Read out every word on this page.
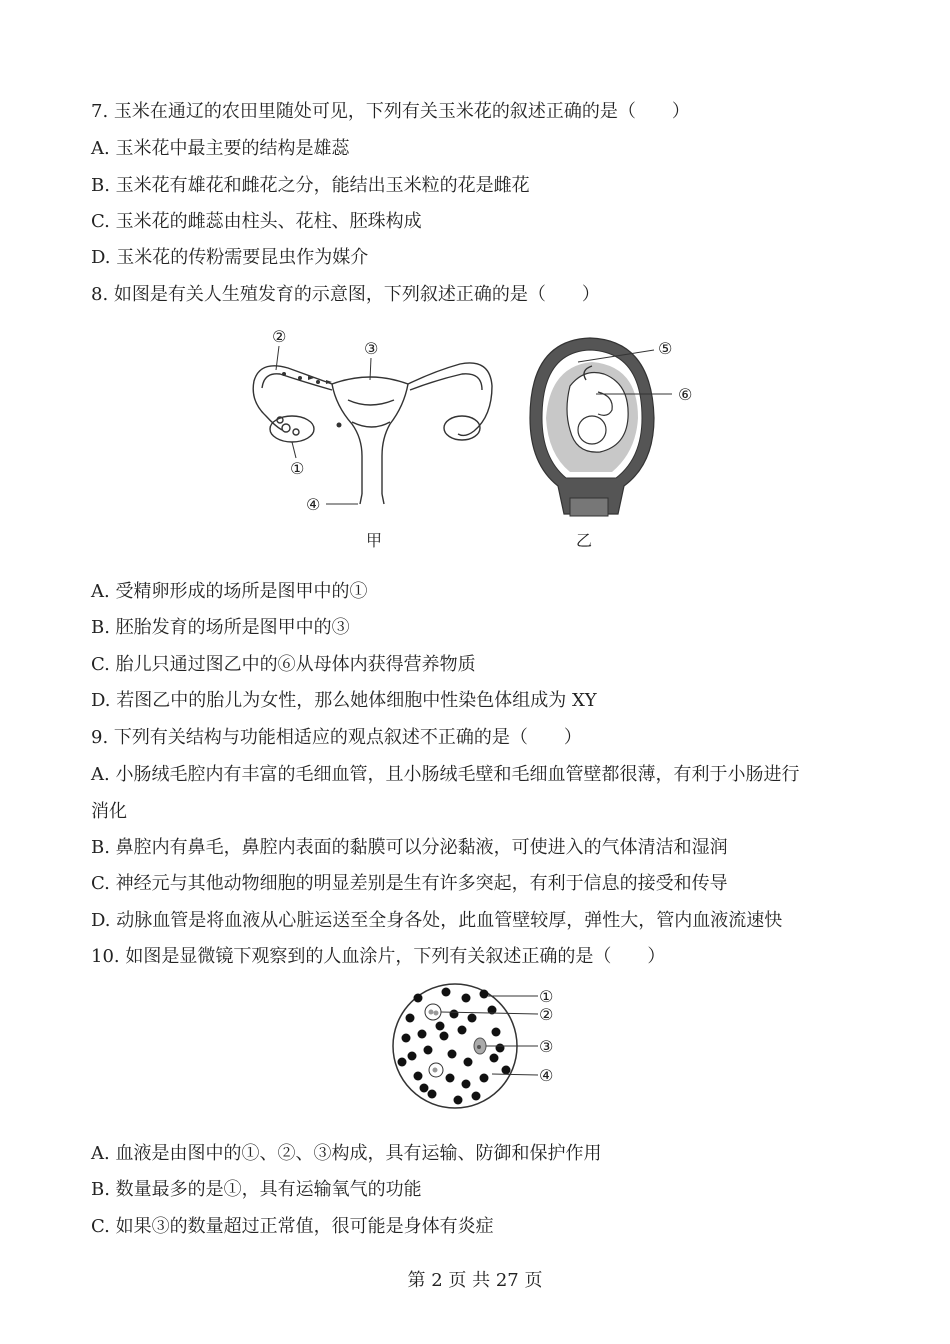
7. 玉米在通辽的农田里随处可见，下列有关玉米花的叙述正确的是（　　）
A. 玉米花中最主要的结构是雄蕊
B. 玉米花有雄花和雌花之分，能结出玉米粒的花是雌花
C. 玉米花的雌蕊由柱头、花柱、胚珠构成
D. 玉米花的传粉需要昆虫作为媒介
8. 如图是有关人生殖发育的示意图，下列叙述正确的是（　　）
②
③
①
④
甲
⑤
⑥
乙
A. 受精卵形成的场所是图甲中的①
B. 胚胎发育的场所是图甲中的③
C. 胎儿只通过图乙中的⑥从母体内获得营养物质
D. 若图乙中的胎儿为女性，那么她体细胞中性染色体组成为 XY
9. 下列有关结构与功能相适应的观点叙述不正确的是（　　）
A. 小肠绒毛腔内有丰富的毛细血管，且小肠绒毛壁和毛细血管壁都很薄，有利于小肠进行
消化
B. 鼻腔内有鼻毛，鼻腔内表面的黏膜可以分泌黏液，可使进入的气体清洁和湿润
C. 神经元与其他动物细胞的明显差别是生有许多突起，有利于信息的接受和传导
D. 动脉血管是将血液从心脏运送至全身各处，此血管壁较厚，弹性大，管内血液流速快
10. 如图是显微镜下观察到的人血涂片，下列有关叙述正确的是（　　）
①
②
③
④
A. 血液是由图中的①、②、③构成，具有运输、防御和保护作用
B. 数量最多的是①，具有运输氧气的功能
C. 如果③的数量超过正常值，很可能是身体有炎症
第 2 页 共 27 页
